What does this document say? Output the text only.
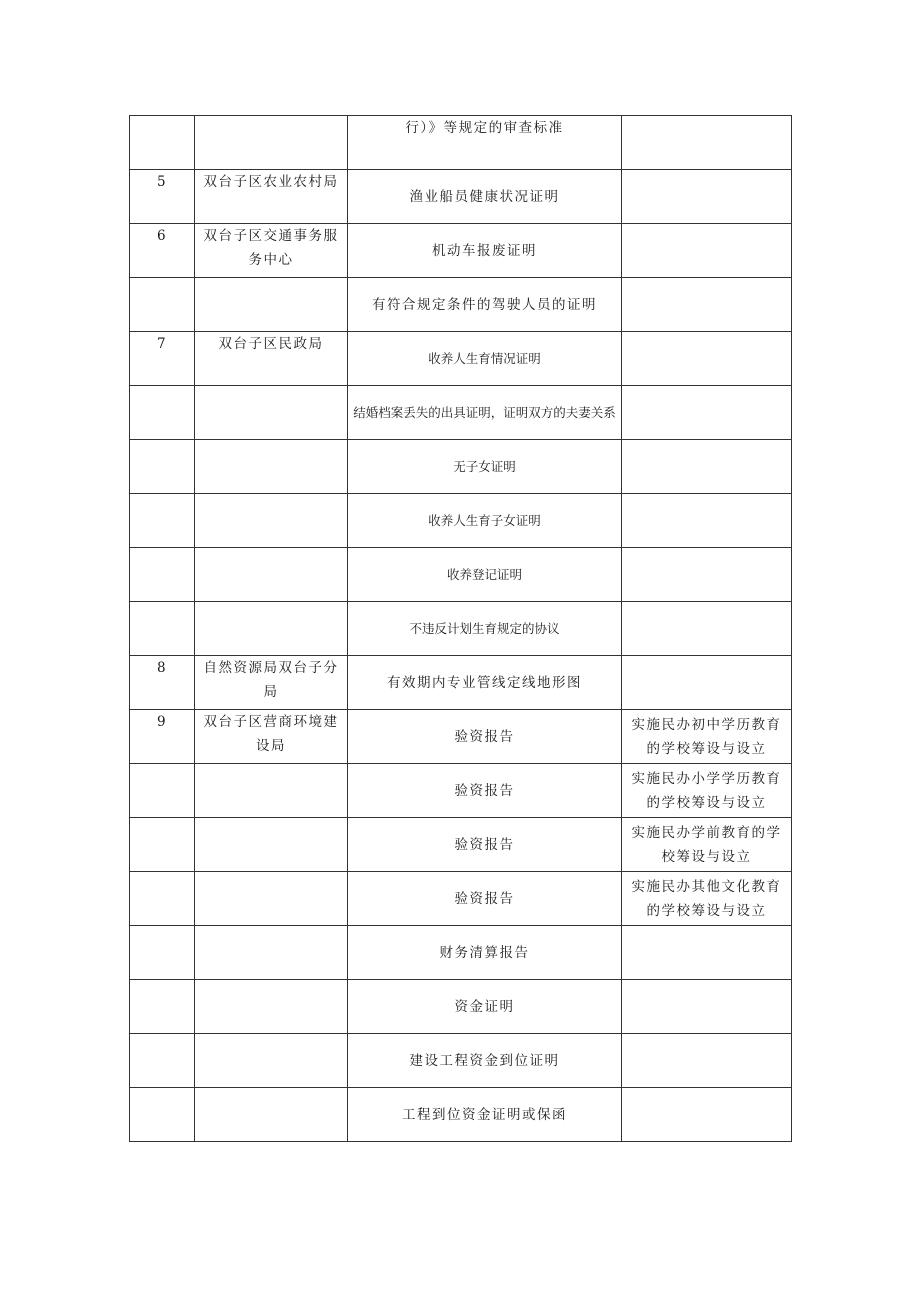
		行）》等规定的审查标准	
5	双台子区农业农村局	渔业船员健康状况证明	
6	双台子区交通事务服务中心	机动车报废证明	
		有符合规定条件的驾驶人员的证明	
7	双台子区民政局	收养人生育情况证明	
		结婚档案丢失的出具证明，证明双方的夫妻关系	
		无子女证明	
		收养人生育子女证明	
		收养登记证明	
		不违反计划生育规定的协议	
8	自然资源局双台子分局	有效期内专业管线定线地形图	
9	双台子区营商环境建设局	验资报告	实施民办初中学历教育的学校筹设与设立
		验资报告	实施民办小学学历教育的学校筹设与设立
		验资报告	实施民办学前教育的学校筹设与设立
		验资报告	实施民办其他文化教育的学校筹设与设立
		财务清算报告	
		资金证明	
		建设工程资金到位证明	
		工程到位资金证明或保函	
